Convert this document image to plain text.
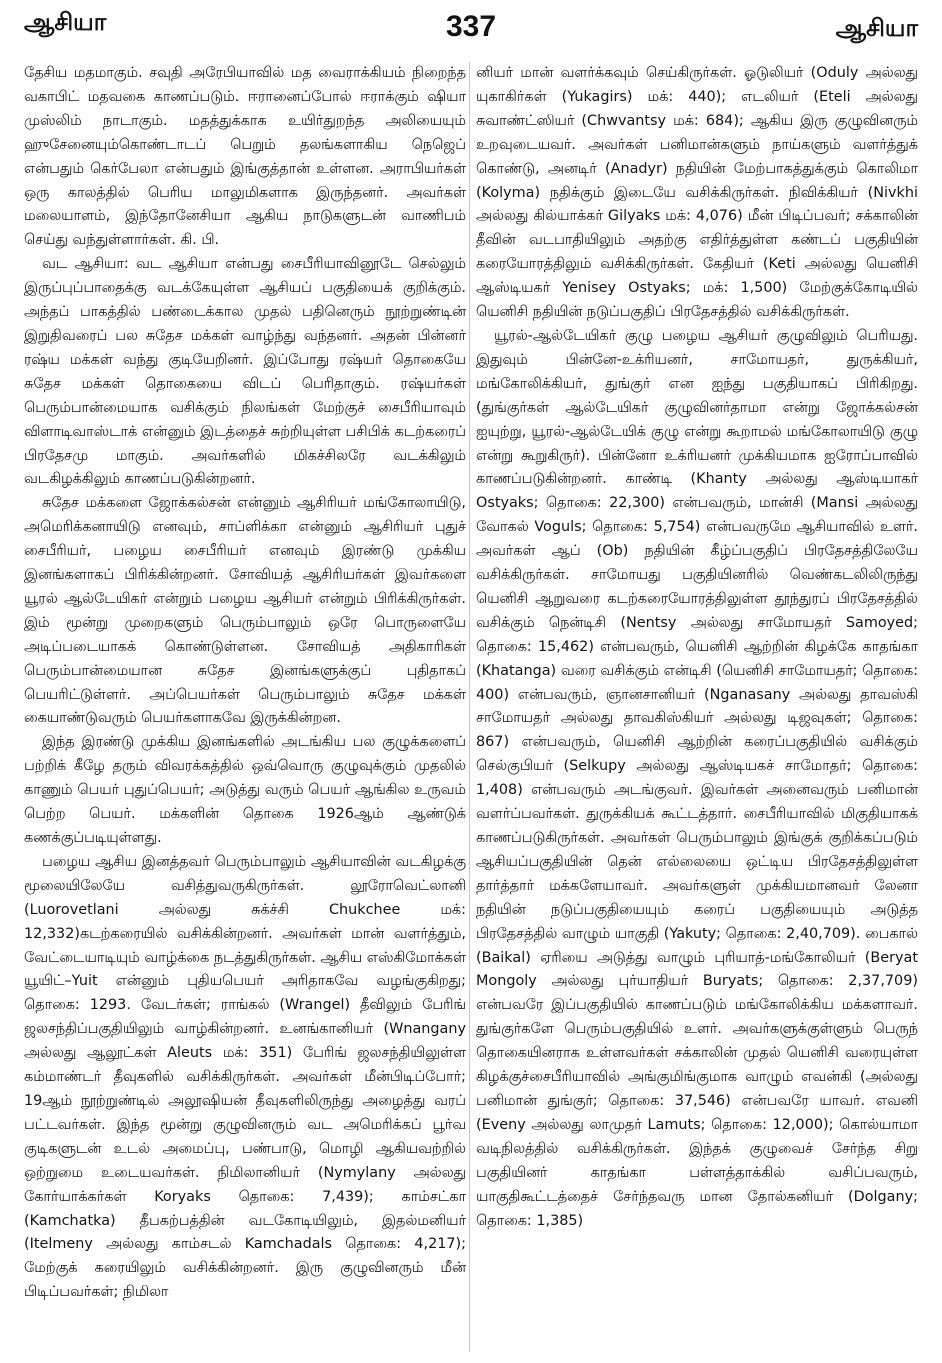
ஆசியா	337	ஆசியா

தேசிய மதமாகும். சவுதி அரேபியாவில் மத வைராக்கியம் நிறைந்த வகாபிட் மதவகை காணப்படும். ஈரானைப்போல் ஈராக்கும் ஷியா முஸ்லிம் நாடாகும். மதத்துக்காக உயிர்துறந்த அலியையும் ஹுசேனையும்கொண்டாடப் பெறும் தலங்களாகிய நெஜெப் என்பதும் கெர்பேலா என்பதும் இங்குத்தான் உள்ளன. அராபியர்கள் ஒரு காலத்தில் பெரிய மாலுமிகளாக இருந்தனர். அவர்கள் மலையாளம், இந்தோனேசியா ஆகிய நாடுகளுடன் வாணிபம் செய்து வந்துள்ளார்கள். கி. பி.

வட ஆசியா: வட ஆசியா என்பது சைபீரியாவினூடே செல்லும் இருப்புப்பாதைக்கு வடக்கேயுள்ள ஆசியப் பகுதியைக் குறிக்கும். அந்தப் பாகத்தில் பண்டைக்கால முதல் பதினெரும் நூற்றுண்டின் இறுதிவரைப் பல சுதேச மக்கள் வாழ்ந்து வந்தனர். அதன் பின்னர் ரஷ்ய மக்கள் வந்து குடியேறினர். இப்போது ரஷ்யர் தொகையே சுதேச மக்கள் தொகையை விடப் பெரிதாகும். ரஷ்யர்கள் பெரும்பான்மையாக வசிக்கும் நிலங்கள் மேற்குச் சைபீரியாவும் விளாடிவாஸ்டாக் என்னும் இடத்தைச் சுற்றியுள்ள பசிபிக் கடற்கரைப் பிரதேசமு மாகும். அவர்களில் மிகச்சிலரே வடக்கிலும் வடகிழக்கிலும் காணப்படுகின்றனர்.

சுதேச மக்களை ஜோக்கல்சன் என்னும் ஆசிரியர் மங்கோலாயிடு, அமெரிக்கனாயிடு எனவும், சாப்ளிக்கா என்னும் ஆசிரியர் புதுச் சைபீரியர், பழைய சைபீரியர் எனவும் இரண்டு முக்கிய இனங்களாகப் பிரிக்கின்றனர். சோவியத் ஆசிரியர்கள் இவர்களை யூரல் ஆல்டேயிகர் என்றும் பழைய ஆசியர் என்றும் பிரிக்கிருர்கள். இம் மூன்று முறைகளும் பெரும்பாலும் ஒரே பொருளையே அடிப்படையாகக் கொண்டுள்ளன. சோவியத் அதிகாரிகள் பெரும்பான்மையான சுதேச இனங்களுக்குப் புதிதாகப் பெயரிட்டுள்ளர். அப்பெயர்கள் பெரும்பாலும் சுதேச மக்கள் கையாண்டுவரும் பெயர்களாகவே இருக்கின்றன.

இந்த இரண்டு முக்கிய இனங்களில் அடங்கிய பல குழுக்களைப் பற்றிக் கீழே தரும் விவரக்கத்தில் ஒவ்வொரு குழுவுக்கும் முதலில் காணும் பெயர் புதுப்பெயர்; அடுத்து வரும் பெயர் ஆங்கில உருவம் பெற்ற பெயர். மக்களின் தொகை 1926ஆம் ஆண்டுக் கணக்குப்படியுள்ளது.

பழைய ஆசிய இனத்தவர் பெரும்பாலும் ஆசியாவின் வடகிழக்கு மூலையிலேயே வசித்துவருகிருர்கள். லூரோவெட்லானி (Luorovetlani அல்லது சுக்ச்சி Chukchee மக்: 12,332)கடற்கரையில் வசிக்கின்றனர். அவர்கள் மான் வளர்த்தும், வேட்டையாடியும் வாழ்க்கை நடத்துகிருர்கள். ஆசிய எஸ்கிமோக்கள் யூயிட்–Yuit என்னும் புதியபெயர் அரிதாகவே வழங்குகிறது; தொகை: 1293. வேடர்கள்; ராங்கல் (Wrangel) தீவிலும் பேரிங் ஜலசந்திப்பகுதியிலும் வாழ்கின்றனர். உனங்கானியர் (Wnangany அல்லது ஆலூட்கள் Aleuts மக்: 351) பேரிங் ஜலசந்தியிலுள்ள கம்மாண்டர் தீவுகளில் வசிக்கிருர்கள். அவர்கள் மீன்பிடிப்போர்; 19ஆம் நூற்றுண்டில் அலூஷியன் தீவுகளிலிருந்து அழைத்து வரப் பட்டவர்கள். இந்த மூன்று குழுவினரும் வட அமெரிக்கப் பூர்வ குடிகளுடன் உடல் அமைப்பு, பண்பாடு, மொழி ஆகியவற்றில் ஒற்றுமை உடையவர்கள். நிமிலானியர் (Nymylany அல்லது கோர்யாக்கர்கள் Koryaks தொகை: 7,439); காம்சட்கா (Kamchatka) தீபகற்பத்தின் வடகோடியிலும், இதல்மனியர் (Itelmeny அல்லது காம்சடல் Kamchadals தொகை: 4,217); மேற்குக் கரையிலும் வசிக்கின்றனர். இரு குழுவினரும் மீன் பிடிப்பவர்கள்; நிமிலா

னியர் மான் வளர்க்கவும் செய்கிருர்கள். ஓடுலியர் (Oduly அல்லது யுகாகிர்கள் (Yukagirs) மக்: 440); எடலியர் (Eteli அல்லது சுவாண்ட்ஸியர் (Chwvantsy மக்: 684); ஆகிய இரு குழுவினரும் உறவுடையவர். அவர்கள் பனிமான்களும் நாய்களும் வளர்த்துக் கொண்டு, அனடிர் (Anadyr) நதியின் மேற்பாகத்துக்கும் கொலிமா (Kolyma) நதிக்கும் இடையே வசிக்கிருர்கள். நிவிக்கியர் (Nivkhi அல்லது கில்யாக்கர் Gilyaks மக்: 4,076) மீன் பிடிப்பவர்; சக்காலின் தீவின் வடபாதியிலும் அதற்கு எதிர்த்துள்ள கண்டப் பகுதியின் கரையோரத்திலும் வசிக்கிருர்கள். கேதியர் (Keti அல்லது யெனிசி ஆஸ்டியகர் Yenisey Ostyaks; மக்: 1,500) மேற்குக்கோடியில் யெனிசி நதியின் நடுப்பகுதிப் பிரதேசத்தில் வசிக்கிருர்கள்.

யூரல்-ஆல்டேயிகர் குழு பழைய ஆசியர் குழுவிலும் பெரியது. இதுவும் பின்னே-உக்ரியனர், சாமோயதர், துருக்கியர், மங்கோலிக்கியர், துங்குர் என ஐந்து பகுதியாகப் பிரிகிறது. (துங்குர்கள் ஆல்டேயிகர் குழுவினர்தாமா என்று ஜோக்கல்சன் ஐயுற்று, யூரல்-ஆல்டேயிக் குழு என்று கூறாமல் மங்கோலாயிடு குழு என்று கூறுகிருர்). பின்னோ உக்ரியனர் முக்கியமாக ஐரோப்பாவில் காணப்படுகின்றனர். காண்டி (Khanty அல்லது ஆஸ்டியாகர் Ostyaks; தொகை: 22,300) என்பவரும், மான்சி (Mansi அல்லது வோகல் Voguls; தொகை: 5,754) என்பவருமே ஆசியாவில் உளர். அவர்கள் ஆப் (Ob) நதியின் கீழ்ப்பகுதிப் பிரதேசத்திலேயே வசிக்கிருர்கள். சாமோயது பகுதியினரில் வெண்கடலிலிருந்து யெனிசி ஆறுவரை கடற்கரையோரத்திலுள்ள தூந்துரப் பிரதேசத்தில் வசிக்கும் நென்டிசி (Nentsy அல்லது சாமோயதர் Samoyed; தொகை: 15,462) என்பவரும், யெனிசி ஆற்றின் கிழக்கே காதங்கா (Khatanga) வரை வசிக்கும் என்டிசி (யெனிசி சாமோயதர்; தொகை: 400) என்பவரும், ஞானசானியர் (Nganasany அல்லது தாவஸ்கி சாமோயதர் அல்லது தாவகிஸ்கியர் அல்லது டிஜவுகள்; தொகை: 867) என்பவரும், யெனிசி ஆற்றின் கரைப்பகுதியில் வசிக்கும் செல்குபியர் (Selkupy அல்லது ஆஸ்டியகச் சாமோதர்; தொகை: 1,408) என்பவரும் அடங்குவர். இவர்கள் அனைவரும் பனிமான் வளர்ப்பவர்கள். துருக்கியக் கூட்டத்தார். சைபீரியாவில் மிகுதியாகக் காணப்படுகிருர்கள். அவர்கள் பெரும்பாலும் இங்குக் குறிக்கப்படும் ஆசியப்பகுதியின் தென் எல்லையை ஒட்டிய பிரதேசத்திலுள்ள தார்த்தார் மக்களேயாவர். அவர்களுள் முக்கியமானவர் லேனா நதியின் நடுப்பகுதியையும் கரைப் பகுதியையும் அடுத்த பிரதேசத்தில் வாழும் யாகுதி (Yakuty; தொகை: 2,40,709). பைகால் (Baikal) ஏரியை அடுத்து வாழும் புரியாத்-மங்கோலியர் (Beryat Mongoly அல்லது புர்யாதியர் Buryats; தொகை: 2,37,709) என்பவரே இப்பகுதியில் காணப்படும் மங்கோலிக்கிய மக்களாவர். துங்குர்களே பெரும்பகுதியில் உளர். அவர்களுக்குள்ளும் பெருந் தொகையினராக உள்ளவர்கள் சக்காலின் முதல் யெனிசி வரையுள்ள கிழக்குச்சைபீரியாவில் அங்குமிங்குமாக வாழும் எவன்கி (அல்லது பனிமான் துங்குர்; தொகை: 37,546) என்பவரே யாவர். எவனி (Eveny அல்லது லாமுதர் Lamuts; தொகை: 12,000); கொல்யாமா வடிநிலத்தில் வசிக்கிருர்கள். இந்தக் குழுவைச் சேர்ந்த சிறு பகுதியினர் காதங்கா பள்ளத்தாக்கில் வசிப்பவரும், யாகுதிகூட்டத்தைச் சேர்ந்தவரு மான தோல்கனியர் (Dolgany; தொகை: 1,385)
